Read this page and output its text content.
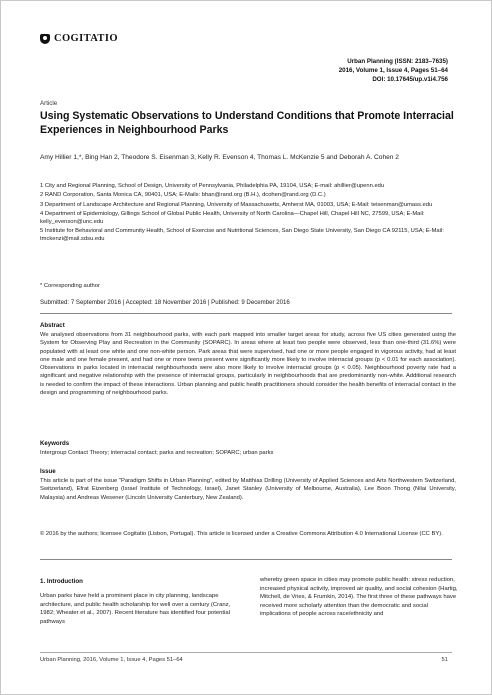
COGITATIO
Urban Planning (ISSN: 2183–7635)
2016, Volume 1, Issue 4, Pages 51–64
DOI: 10.17645/up.v1i4.756
Article
Using Systematic Observations to Understand Conditions that Promote Interracial Experiences in Neighbourhood Parks
Amy Hillier 1,*, Bing Han 2, Theodore S. Eisenman 3, Kelly R. Evenson 4, Thomas L. McKenzie 5 and Deborah A. Cohen 2

1 City and Regional Planning, School of Design, University of Pennsylvania, Philadelphia PA, 19104, USA; E-mail: ahillier@upenn.edu

2 RAND Corporation, Santa Monica CA, 90401, USA; E-Mails: bhan@rand.org (B.H.), dcohen@rand.org (D.C.)

3 Department of Landscape Architecture and Regional Planning, University of Massachusetts, Amherst MA, 01003, USA; E-Mail: teisenman@umass.edu

4 Department of Epidemiology, Gillings School of Global Public Health, University of North Carolina—Chapel Hill, Chapel Hill NC, 27599, USA; E-Mail: kelly_evenson@unc.edu

5 Institute for Behavioral and Community Health, School of Exercise and Nutritional Sciences, San Diego State University, San Diego CA 92115, USA; E-Mail: tmckenzi@mail.sdsu.edu

* Corresponding author
Submitted: 7 September 2016 | Accepted: 18 November 2016 | Published: 9 December 2016
Abstract

We analysed observations from 31 neighbourhood parks, with each park mapped into smaller target areas for study, across five US cities generated using the System for Observing Play and Recreation in the Community (SOPARC). In areas where at least two people were observed, less than one-third (31.6%) were populated with at least one white and one non-white person. Park areas that were supervised, had one or more people engaged in vigorous activity, had at least one male and one female present, and had one or more teens present were significantly more likely to involve interracial groups (p < 0.01 for each association). Observations in parks located in interracial neighbourhoods were also more likely to involve interracial groups (p < 0.05). Neighbourhood poverty rate had a significant and negative relationship with the presence of interracial groups, particularly in neighbourhoods that are predominantly non-white. Additional research is needed to confirm the impact of these interactions. Urban planning and public health practitioners should consider the health benefits of interracial contact in the design and programming of neighbourhood parks.

Keywords

Intergroup Contact Theory; interracial contact; parks and recreation; SOPARC; urban parks

Issue

This article is part of the issue "Paradigm Shifts in Urban Planning", edited by Matthias Drilling (University of Applied Sciences and Arts Northwestern Switzerland, Switzerland), Efrat Eizenberg (Israel Institute of Technology, Israel), Janet Stanley (University of Melbourne, Australia), Lee Boon Thong (Nilai University, Malaysia) and Andreas Wesener (Lincoln University Canterbury, New Zealand).

© 2016 by the authors; licensee Cogitatio (Lisbon, Portugal). This article is licensed under a Creative Commons Attribution 4.0 International License (CC BY).

1. Introduction

Urban parks have held a prominent place in city planning, landscape architecture, and public health scholarship for well over a century (Cranz, 1982; Wheater et al., 2007). Recent literature has identified four potential pathways

whereby green space in cities may promote public health: stress reduction, increased physical activity, improved air quality, and social cohesion (Hartig, Mitchell, de Vries, & Frumkin, 2014). The first three of these pathways have received more scholarly attention than the democratic and social implications of people across race/ethnicity and

Urban Planning, 2016, Volume 1, Issue 4, Pages 51–64	51
